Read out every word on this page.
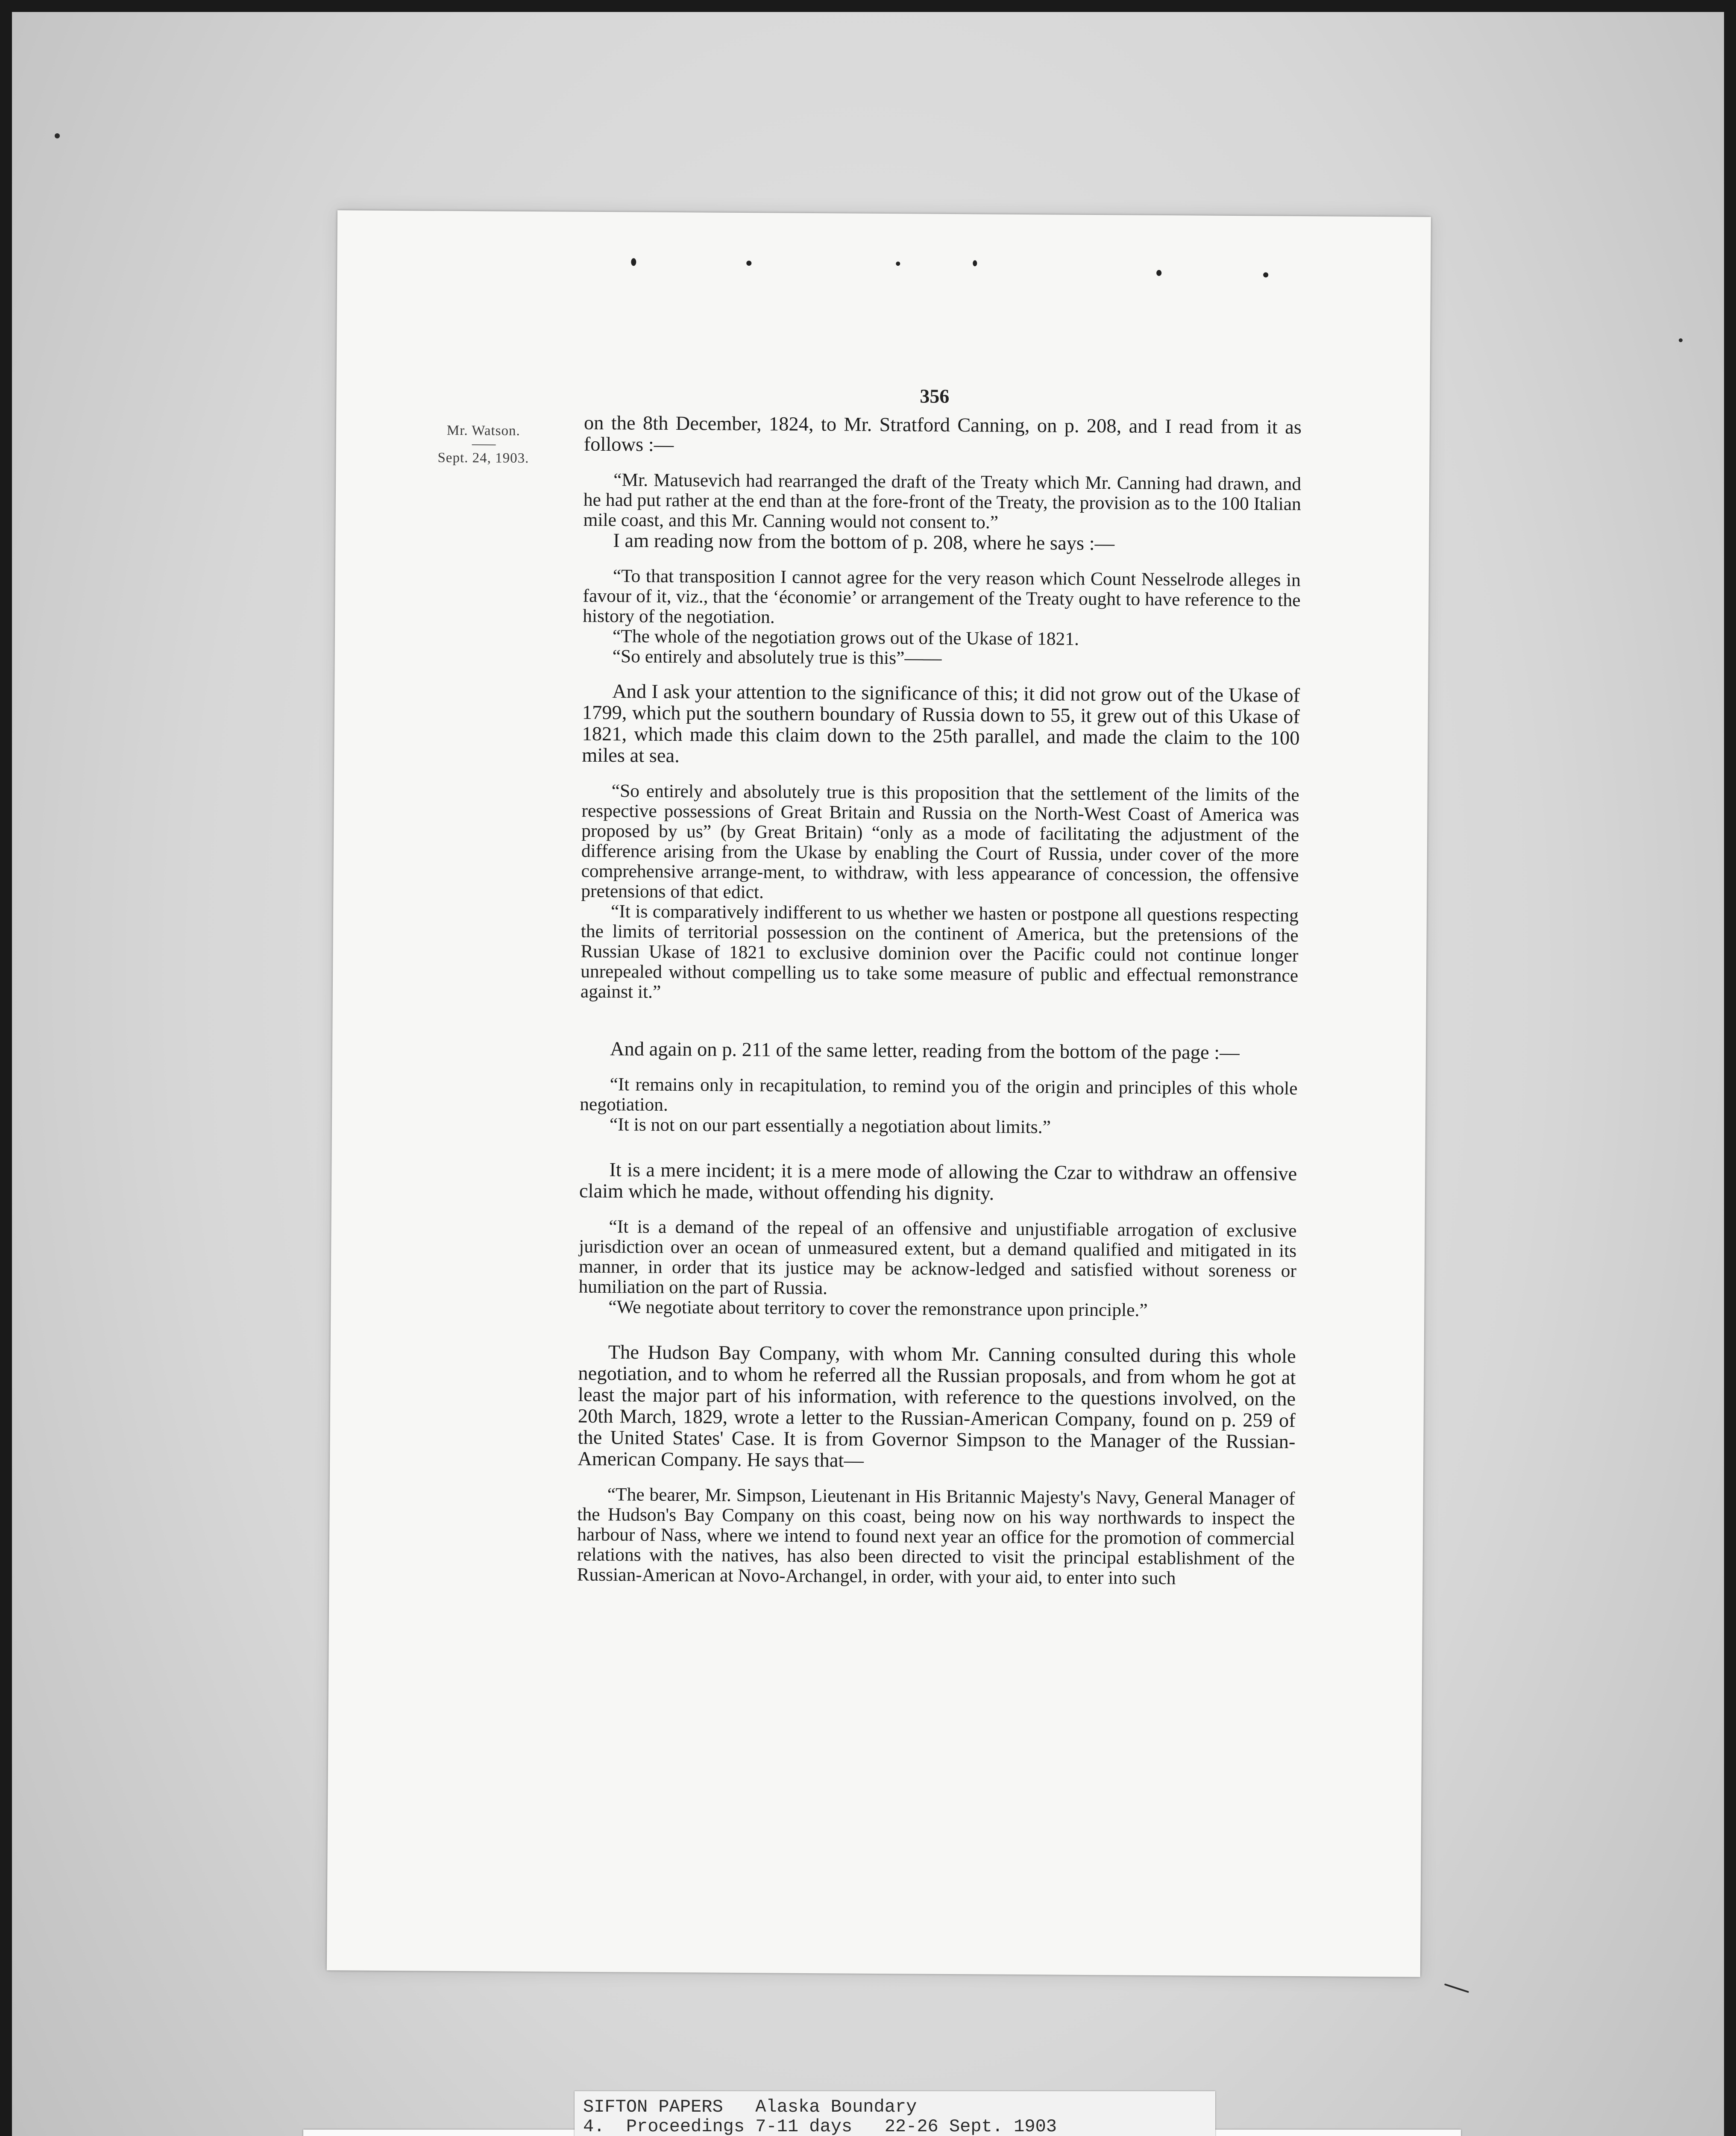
356
Mr. Watson.
Sept. 24, 1903.

on the 8th December, 1824, to Mr. Stratford Canning, on p. 208, and I read from it as follows :—

“Mr. Matusevich had rearranged the draft of the Treaty which Mr. Canning had drawn, and he had put rather at the end than at the fore-front of the Treaty, the provision as to the 100 Italian mile coast, and this Mr. Canning would not consent to.”

I am reading now from the bottom of p. 208, where he says :—

“To that transposition I cannot agree for the very reason which Count Nesselrode alleges in favour of it, viz., that the ‘économie’ or arrangement of the Treaty ought to have reference to the history of the negotiation.

“The whole of the negotiation grows out of the Ukase of 1821.

“So entirely and absolutely true is this”——

And I ask your attention to the significance of this; it did not grow out of the Ukase of 1799, which put the southern boundary of Russia down to 55, it grew out of this Ukase of 1821, which made this claim down to the 25th parallel, and made the claim to the 100 miles at sea.

“So entirely and absolutely true is this proposition that the settlement of the limits of the respective possessions of Great Britain and Russia on the North-West Coast of America was proposed by us” (by Great Britain) “only as a mode of facilitating the adjustment of the difference arising from the Ukase by enabling the Court of Russia, under cover of the more comprehensive arrange-ment, to withdraw, with less appearance of concession, the offensive pretensions of that edict.

“It is comparatively indifferent to us whether we hasten or postpone all questions respecting the limits of territorial possession on the continent of America, but the pretensions of the Russian Ukase of 1821 to exclusive dominion over the Pacific could not continue longer unrepealed without compelling us to take some measure of public and effectual remonstrance against it.”

And again on p. 211 of the same letter, reading from the bottom of the page :—

“It remains only in recapitulation, to remind you of the origin and principles of this whole negotiation.

“It is not on our part essentially a negotiation about limits.”

It is a mere incident; it is a mere mode of allowing the Czar to withdraw an offensive claim which he made, without offending his dignity.

“It is a demand of the repeal of an offensive and unjustifiable arrogation of exclusive jurisdiction over an ocean of unmeasured extent, but a demand qualified and mitigated in its manner, in order that its justice may be acknow-ledged and satisfied without soreness or humiliation on the part of Russia.

“We negotiate about territory to cover the remonstrance upon principle.”

The Hudson Bay Company, with whom Mr. Canning consulted during this whole negotiation, and to whom he referred all the Russian proposals, and from whom he got at least the major part of his information, with reference to the questions involved, on the 20th March, 1829, wrote a letter to the Russian-American Company, found on p. 259 of the United States' Case. It is from Governor Simpson to the Manager of the Russian-American Company. He says that—

“The bearer, Mr. Simpson, Lieutenant in His Britannic Majesty's Navy, General Manager of the Hudson's Bay Company on this coast, being now on his way northwards to inspect the harbour of Nass, where we intend to found next year an office for the promotion of commercial relations with the natives, has also been directed to visit the principal establishment of the Russian-American at Novo-Archangel, in order, with your aid, to enter into such

SIFTON PAPERS   Alaska Boundary
4.  Proceedings 7-11 days   22-26 Sept. 1903
